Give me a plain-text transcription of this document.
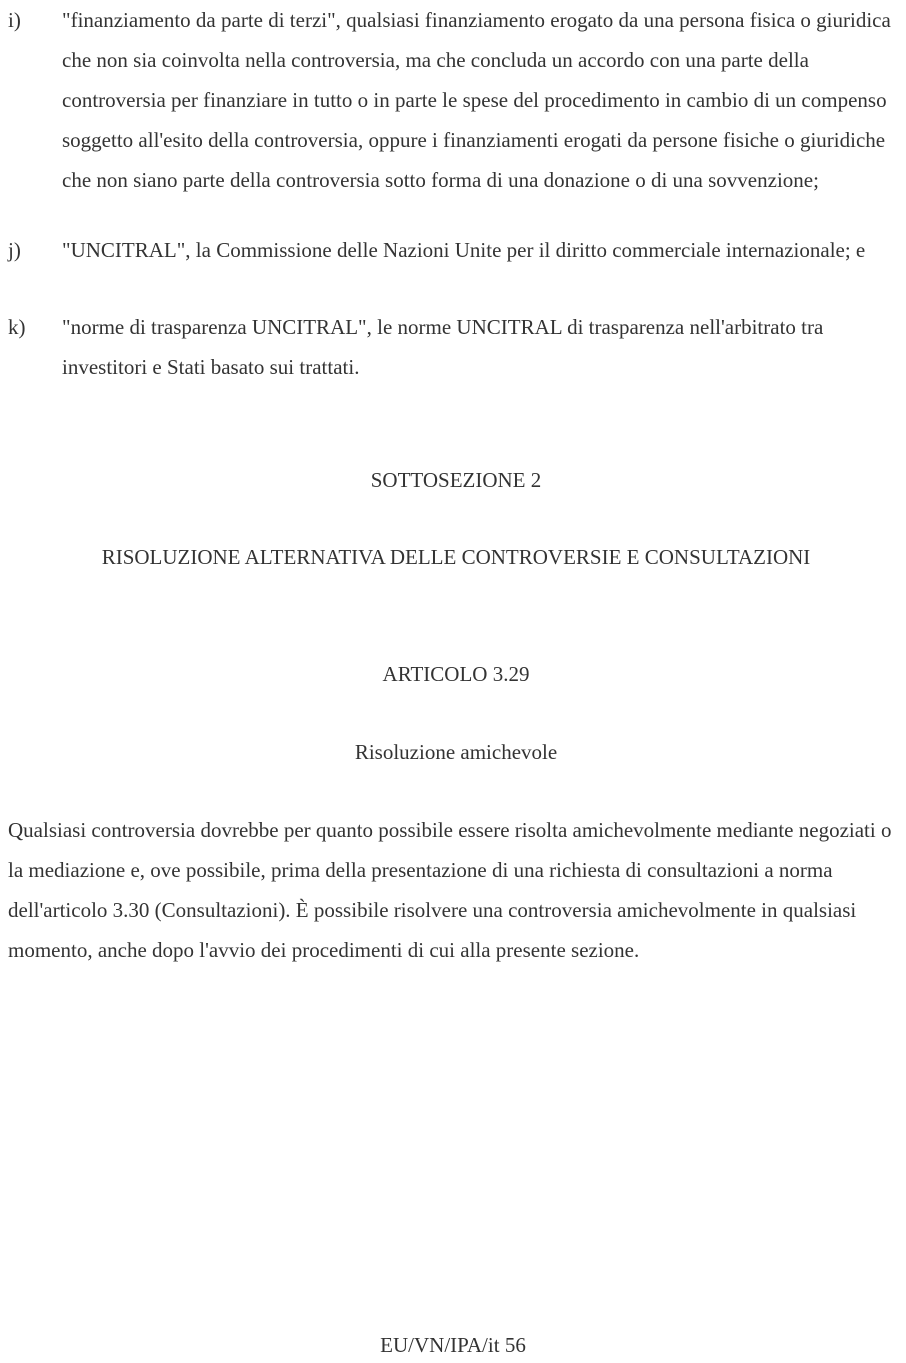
i)	"finanziamento da parte di terzi", qualsiasi finanziamento erogato da una persona fisica o giuridica che non sia coinvolta nella controversia, ma che concluda un accordo con una parte della controversia per finanziare in tutto o in parte le spese del procedimento in cambio di un compenso soggetto all'esito della controversia, oppure i finanziamenti erogati da persone fisiche o giuridiche che non siano parte della controversia sotto forma di una donazione o di una sovvenzione;
j)	"UNCITRAL", la Commissione delle Nazioni Unite per il diritto commerciale internazionale; e
k)	"norme di trasparenza UNCITRAL", le norme UNCITRAL di trasparenza nell'arbitrato tra investitori e Stati basato sui trattati.
SOTTOSEZIONE 2
RISOLUZIONE ALTERNATIVA DELLE CONTROVERSIE E CONSULTAZIONI
ARTICOLO 3.29
Risoluzione amichevole

Qualsiasi controversia dovrebbe per quanto possibile essere risolta amichevolmente mediante negoziati o la mediazione e, ove possibile, prima della presentazione di una richiesta di consultazioni a norma dell'articolo 3.30 (Consultazioni). È possibile risolvere una controversia amichevolmente in qualsiasi momento, anche dopo l'avvio dei procedimenti di cui alla presente sezione.

EU/VN/IPA/it 56
